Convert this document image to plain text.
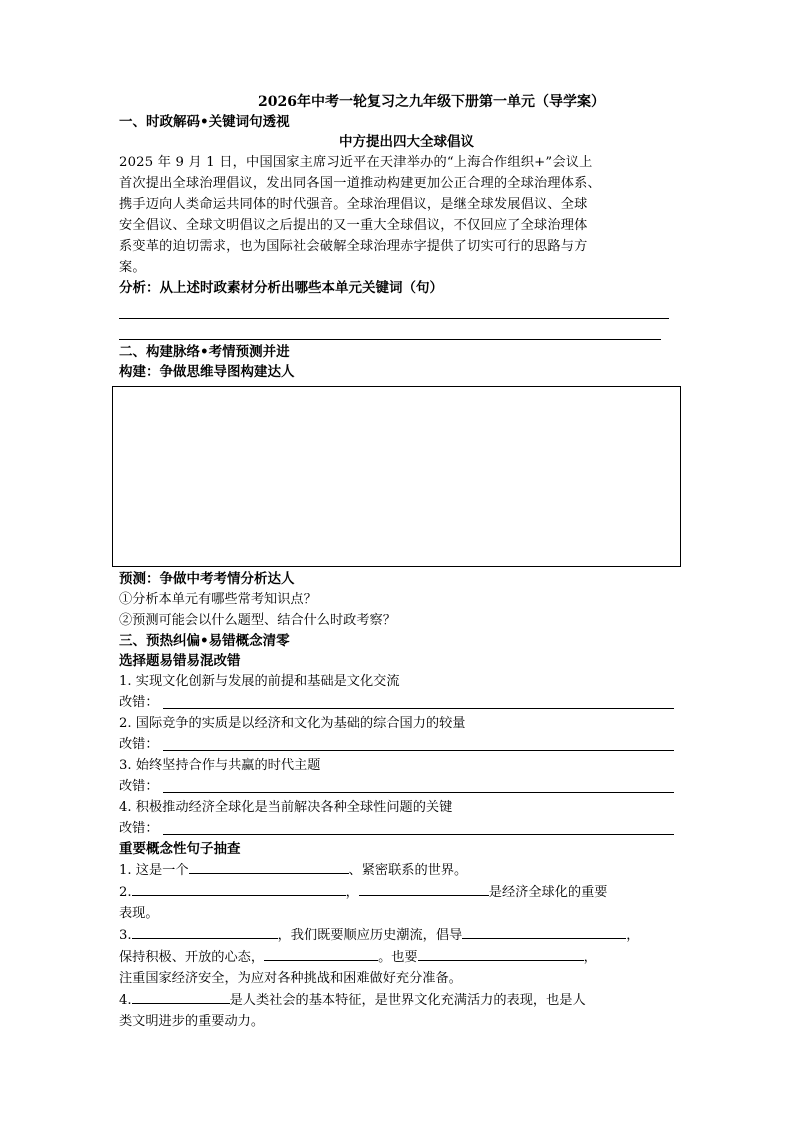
2026年中考一轮复习之九年级下册第一单元（导学案）
一、时政解码•关键词句透视
中方提出四大全球倡议
2025 年 9 月 1 日，中国国家主席习近平在天津举办的“上海合作组织+”会议上
首次提出全球治理倡议，发出同各国一道推动构建更加公正合理的全球治理体系、
携手迈向人类命运共同体的时代强音。全球治理倡议，是继全球发展倡议、全球
安全倡议、全球文明倡议之后提出的又一重大全球倡议，不仅回应了全球治理体
系变革的迫切需求，也为国际社会破解全球治理赤字提供了切实可行的思路与方
案。
分析：从上述时政素材分析出哪些本单元关键词（句）
二、构建脉络•考情预测并进
构建：争做思维导图构建达人
预测：争做中考考情分析达人
①分析本单元有哪些常考知识点？
②预测可能会以什么题型、结合什么时政考察？
三、预热纠偏•易错概念清零
选择题易错易混改错
1. 实现文化创新与发展的前提和基础是文化交流
改错：
2. 国际竞争的实质是以经济和文化为基础的综合国力的较量
改错：
3. 始终坚持合作与共赢的时代主题
改错：
4. 积极推动经济全球化是当前解决各种全球性问题的关键
改错：
重要概念性句子抽查
1. 这是一个	、紧密联系的世界。
2.	，	是经济全球化的重要
表现。
3.	，我们既要顺应历史潮流，倡导	，
保持积极、开放的心态，	。也要	，
注重国家经济安全，为应对各种挑战和困难做好充分准备。
4.	是人类社会的基本特征，是世界文化充满活力的表现，也是人
类文明进步的重要动力。
